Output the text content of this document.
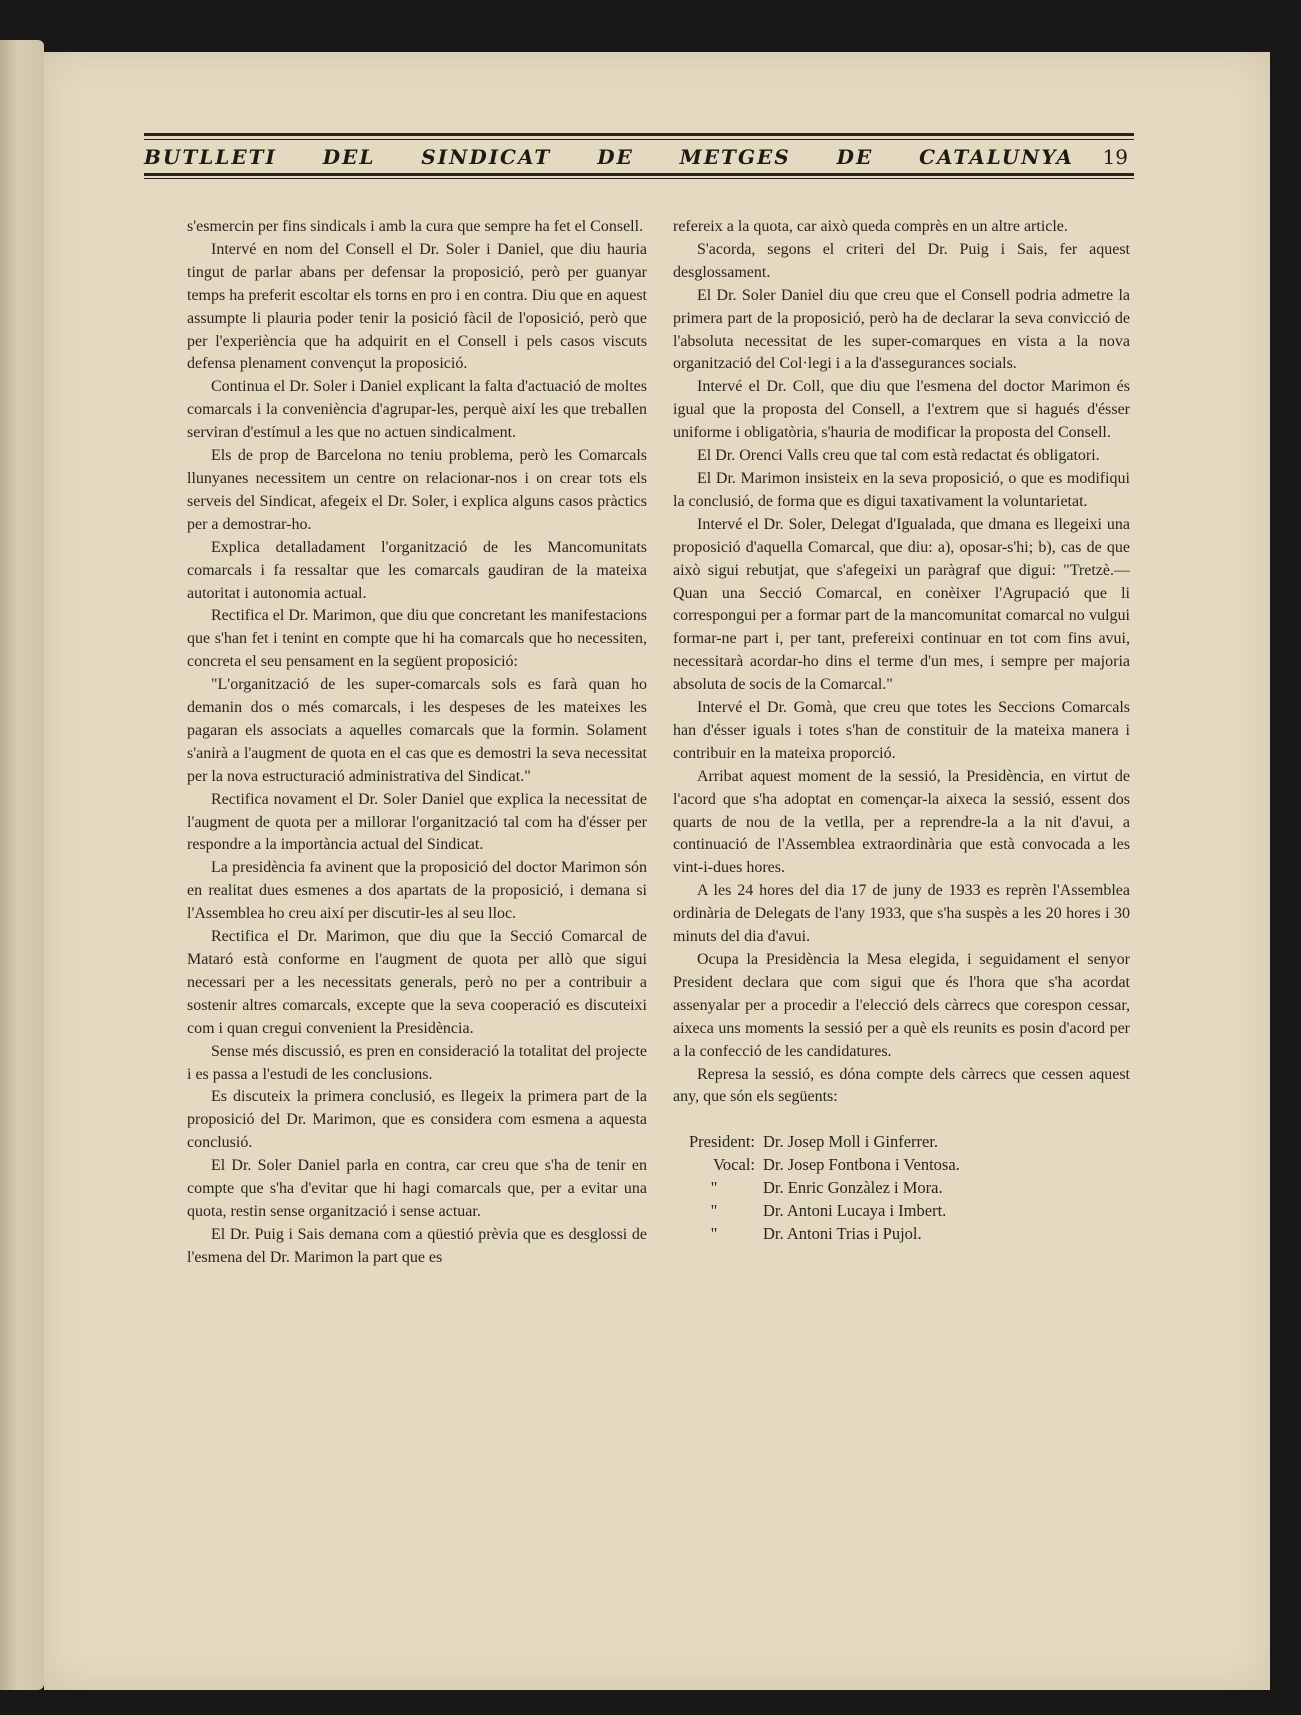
BUTLLETI DEL SINDICAT DE METGES DE CATALUNYA 19

s'esmercin per fins sindicals i amb la cura que sempre ha fet el Consell.

Intervé en nom del Consell el Dr. Soler i Daniel, que diu hauria tingut de parlar abans per defensar la proposició, però per guanyar temps ha preferit escoltar els torns en pro i en contra. Diu que en aquest assumpte li plauria poder tenir la posició fàcil de l'oposició, però que per l'experiència que ha adquirit en el Consell i pels casos viscuts defensa plenament convençut la proposició.

Continua el Dr. Soler i Daniel explicant la falta d'actuació de moltes comarcals i la conveniència d'agrupar-les, perquè així les que treballen serviran d'estímul a les que no actuen sindicalment.

Els de prop de Barcelona no teniu problema, però les Comarcals llunyanes necessitem un centre on relacionar-nos i on crear tots els serveis del Sindicat, afegeix el Dr. Soler, i explica alguns casos pràctics per a demostrar-ho.

Explica detalladament l'organització de les Mancomunitats comarcals i fa ressaltar que les comarcals gaudiran de la mateixa autoritat i autonomia actual.

Rectifica el Dr. Marimon, que diu que concretant les manifestacions que s'han fet i tenint en compte que hi ha comarcals que ho necessiten, concreta el seu pensament en la següent proposició:

"L'organització de les super-comarcals sols es farà quan ho demanin dos o més comarcals, i les despeses de les mateixes les pagaran els associats a aquelles comarcals que la formin. Solament s'anirà a l'augment de quota en el cas que es demostri la seva necessitat per la nova estructuració administrativa del Sindicat."

Rectifica novament el Dr. Soler Daniel que explica la necessitat de l'augment de quota per a millorar l'organització tal com ha d'ésser per respondre a la importància actual del Sindicat.

La presidència fa avinent que la proposició del doctor Marimon són en realitat dues esmenes a dos apartats de la proposició, i demana si l'Assemblea ho creu així per discutir-les al seu lloc.

Rectifica el Dr. Marimon, que diu que la Secció Comarcal de Mataró està conforme en l'augment de quota per allò que sigui necessari per a les necessitats generals, però no per a contribuir a sostenir altres comarcals, excepte que la seva cooperació es discuteixi com i quan cregui convenient la Presidència.

Sense més discussió, es pren en consideració la totalitat del projecte i es passa a l'estudi de les conclusions.

Es discuteix la primera conclusió, es llegeix la primera part de la proposició del Dr. Marimon, que es considera com esmena a aquesta conclusió.

El Dr. Soler Daniel parla en contra, car creu que s'ha de tenir en compte que s'ha d'evitar que hi hagi comarcals que, per a evitar una quota, restin sense organització i sense actuar.

El Dr. Puig i Sais demana com a qüestió prèvia que es desglossi de l'esmena del Dr. Marimon la part que es

refereix a la quota, car això queda comprès en un altre article.

S'acorda, segons el criteri del Dr. Puig i Sais, fer aquest desglossament.

El Dr. Soler Daniel diu que creu que el Consell podria admetre la primera part de la proposició, però ha de declarar la seva convicció de l'absoluta necessitat de les super-comarques en vista a la nova organització del Col·legi i a la d'assegurances socials.

Intervé el Dr. Coll, que diu que l'esmena del doctor Marimon és igual que la proposta del Consell, a l'extrem que si hagués d'ésser uniforme i obligatòria, s'hauria de modificar la proposta del Consell.

El Dr. Orenci Valls creu que tal com està redactat és obligatori.

El Dr. Marimon insisteix en la seva proposició, o que es modifiqui la conclusió, de forma que es digui taxativament la voluntarietat.

Intervé el Dr. Soler, Delegat d'Igualada, que dmana es llegeixi una proposició d'aquella Comarcal, que diu: a), oposar-s'hi; b), cas de que això sigui rebutjat, que s'afegeixi un paràgraf que digui: "Tretzè.—Quan una Secció Comarcal, en conèixer l'Agrupació que li correspongui per a formar part de la mancomunitat comarcal no vulgui formar-ne part i, per tant, prefereixi continuar en tot com fins avui, necessitarà acordar-ho dins el terme d'un mes, i sempre per majoria absoluta de socis de la Comarcal."

Intervé el Dr. Gomà, que creu que totes les Seccions Comarcals han d'ésser iguals i totes s'han de constituir de la mateixa manera i contribuir en la mateixa proporció.

Arribat aquest moment de la sessió, la Presidència, en virtut de l'acord que s'ha adoptat en començar-la aixeca la sessió, essent dos quarts de nou de la vetlla, per a reprendre-la a la nit d'avui, a continuació de l'Assemblea extraordinària que està convocada a les vint-i-dues hores.

A les 24 hores del dia 17 de juny de 1933 es reprèn l'Assemblea ordinària de Delegats de l'any 1933, que s'ha suspès a les 20 hores i 30 minuts del dia d'avui.

Ocupa la Presidència la Mesa elegida, i seguidament el senyor President declara que com sigui que és l'hora que s'ha acordat assenyalar per a procedir a l'elecció dels càrrecs que corespon cessar, aixeca uns moments la sessió per a què els reunits es posin d'acord per a la confecció de les candidatures.

Represa la sessió, es dóna compte dels càrrecs que cessen aquest any, que són els següents:

President:	Dr. Josep Moll i Ginferrer.
Vocal:	Dr. Josep Fontbona i Ventosa.
"	Dr. Enric Gonzàlez i Mora.
"	Dr. Antoni Lucaya i Imbert.
"	Dr. Antoni Trias i Pujol.
